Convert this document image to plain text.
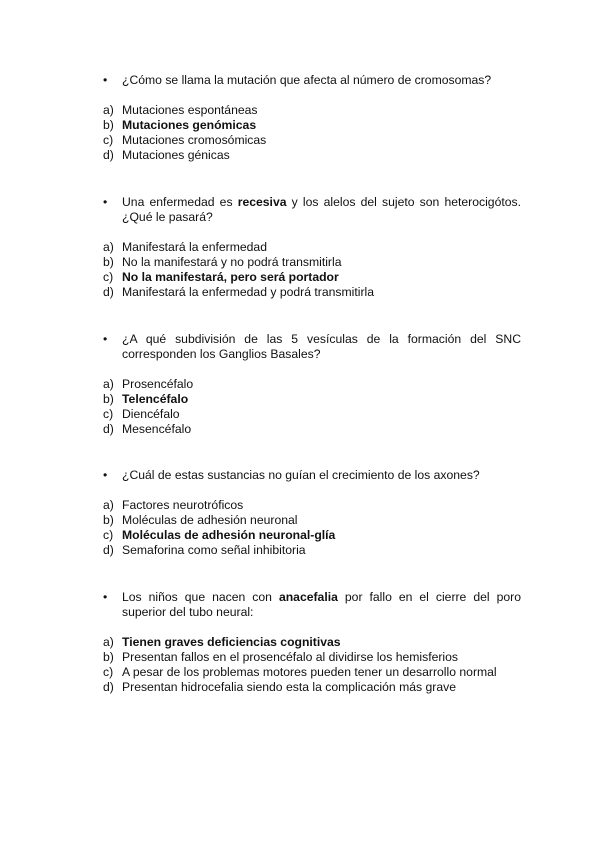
•	¿Cómo se llama la mutación que afecta al número de cromosomas?
a) Mutaciones espontáneas
b) Mutaciones genómicas
c) Mutaciones cromosómicas
d) Mutaciones génicas
•	Una enfermedad es recesiva y los alelos del sujeto son heterocigótos. ¿Qué le pasará?
a) Manifestará la enfermedad
b) No la manifestará y no podrá transmitirla
c) No la manifestará, pero será portador
d) Manifestará la enfermedad y podrá transmitirla
•	¿A qué subdivisión de las 5 vesículas de la formación del SNC corresponden los Ganglios Basales?
a) Prosencéfalo
b) Telencéfalo
c) Diencéfalo
d) Mesencéfalo
•	¿Cuál de estas sustancias no guían el crecimiento de los axones?
a) Factores neurotróficos
b) Moléculas de adhesión neuronal
c) Moléculas de adhesión neuronal-glía
d) Semaforina como señal inhibitoria
•	Los niños que nacen con anacefalia por fallo en el cierre del poro superior del tubo neural:
a) Tienen graves deficiencias cognitivas
b) Presentan fallos en el prosencéfalo al dividirse los hemisferios
c) A pesar de los problemas motores pueden tener un desarrollo normal
d) Presentan hidrocefalia siendo esta la complicación más grave
